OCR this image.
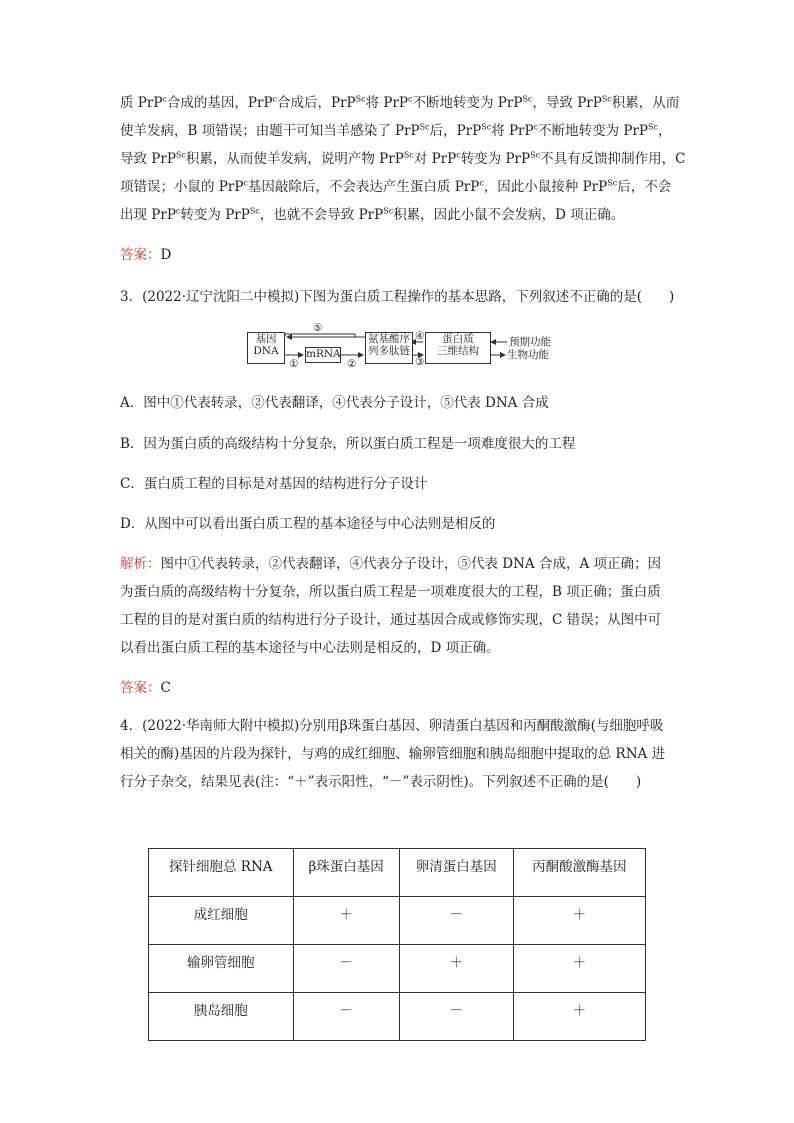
质 PrP$^c$合成的基因，PrP$^c$合成后，PrP$^{Sc}$将 PrP$^c$不断地转变为 PrP$^{Sc}$，导致 PrP$^{Sc}$积累，从而
使羊发病，B 项错误；由题干可知当羊感染了 PrP$^{Sc}$后，PrP$^{Sc}$将 PrP$^c$不断地转变为 PrP$^{Sc}$，
导致 PrP$^{Sc}$积累，从而使羊发病，说明产物 PrP$^{Sc}$对 PrP$^c$转变为 PrP$^{Sc}$不具有反馈抑制作用，C
项错误；小鼠的 PrP$^c$基因敲除后，不会表达产生蛋白质 PrP$^c$，因此小鼠接种 PrP$^{Sc}$后，不会
出现 PrP$^c$转变为 PrP$^{Sc}$，也就不会导致 PrP$^{Sc}$积累，因此小鼠不会发病，D 项正确。
答案：D
3．(2022·辽宁沈阳二中模拟)下图为蛋白质工程操作的基本思路，下列叙述不正确的是(　　)
基因
DNA	mRNA
氨基酸序
列多肽链
蛋白质
三维结构
⑤
①	②
④
③
预期功能
生物功能
A．图中①代表转录，②代表翻译，④代表分子设计，⑤代表 DNA 合成
B．因为蛋白质的高级结构十分复杂，所以蛋白质工程是一项难度很大的工程
C．蛋白质工程的目标是对基因的结构进行分子设计
D．从图中可以看出蛋白质工程的基本途径与中心法则是相反的
解析：图中①代表转录，②代表翻译，④代表分子设计，⑤代表 DNA 合成，A 项正确；因
为蛋白质的高级结构十分复杂，所以蛋白质工程是一项难度很大的工程，B 项正确；蛋白质
工程的目的是对蛋白质的结构进行分子设计，通过基因合成或修饰实现，C 错误；从图中可
以看出蛋白质工程的基本途径与中心法则是相反的，D 项正确。
答案：C
4．(2022·华南师大附中模拟)分别用β珠蛋白基因、卵清蛋白基因和丙酮酸激酶(与细胞呼吸
相关的酶)基因的片段为探针，与鸡的成红细胞、输卵管细胞和胰岛细胞中提取的总 RNA 进
行分子杂交，结果见表(注：“＋”表示阳性，“－”表示阴性)。下列叙述不正确的是(　　)
探针细胞总 RNA	β珠蛋白基因	卵清蛋白基因	丙酮酸激酶基因
成红细胞	＋	－	＋
输卵管细胞	－	＋	＋
胰岛细胞	－	－	＋
